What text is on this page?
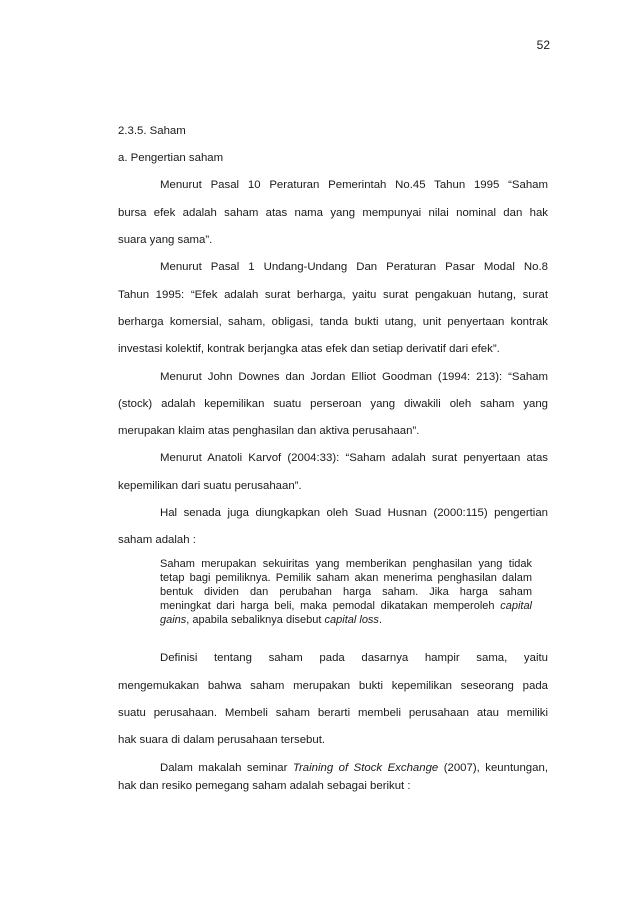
52
2.3.5. Saham
a. Pengertian saham
Menurut Pasal 10 Peraturan Pemerintah No.45 Tahun 1995 “Saham
bursa efek adalah saham atas nama yang mempunyai nilai nominal dan hak
suara yang sama”.
Menurut Pasal 1 Undang-Undang Dan Peraturan Pasar Modal No.8
Tahun 1995: “Efek adalah surat berharga, yaitu surat pengakuan hutang, surat
berharga komersial, saham, obligasi, tanda bukti utang, unit penyertaan kontrak
investasi kolektif, kontrak berjangka atas efek dan setiap derivatif dari efek”.
Menurut John Downes dan Jordan Elliot Goodman (1994: 213): “Saham
(stock) adalah kepemilikan suatu perseroan yang diwakili oleh saham yang
merupakan klaim atas penghasilan dan aktiva perusahaan”.
Menurut Anatoli Karvof (2004:33): “Saham adalah surat penyertaan atas
kepemilikan dari suatu perusahaan”.
Hal senada juga diungkapkan oleh Suad Husnan (2000:115) pengertian
saham adalah :
Saham merupakan sekuiritas yang memberikan penghasilan yang tidak
tetap bagi pemiliknya. Pemilik saham akan menerima penghasilan dalam
bentuk dividen dan perubahan harga saham. Jika harga saham
meningkat dari harga beli, maka pemodal dikatakan memperoleh capital
gains, apabila sebaliknya disebut capital loss.
Definisi tentang saham pada dasarnya hampir sama, yaitu
mengemukakan bahwa saham merupakan bukti kepemilikan seseorang pada
suatu perusahaan. Membeli saham berarti membeli perusahaan atau memiliki
hak suara di dalam perusahaan tersebut.
Dalam makalah seminar Training of Stock Exchange (2007), keuntungan,
hak dan resiko pemegang saham adalah sebagai berikut :
